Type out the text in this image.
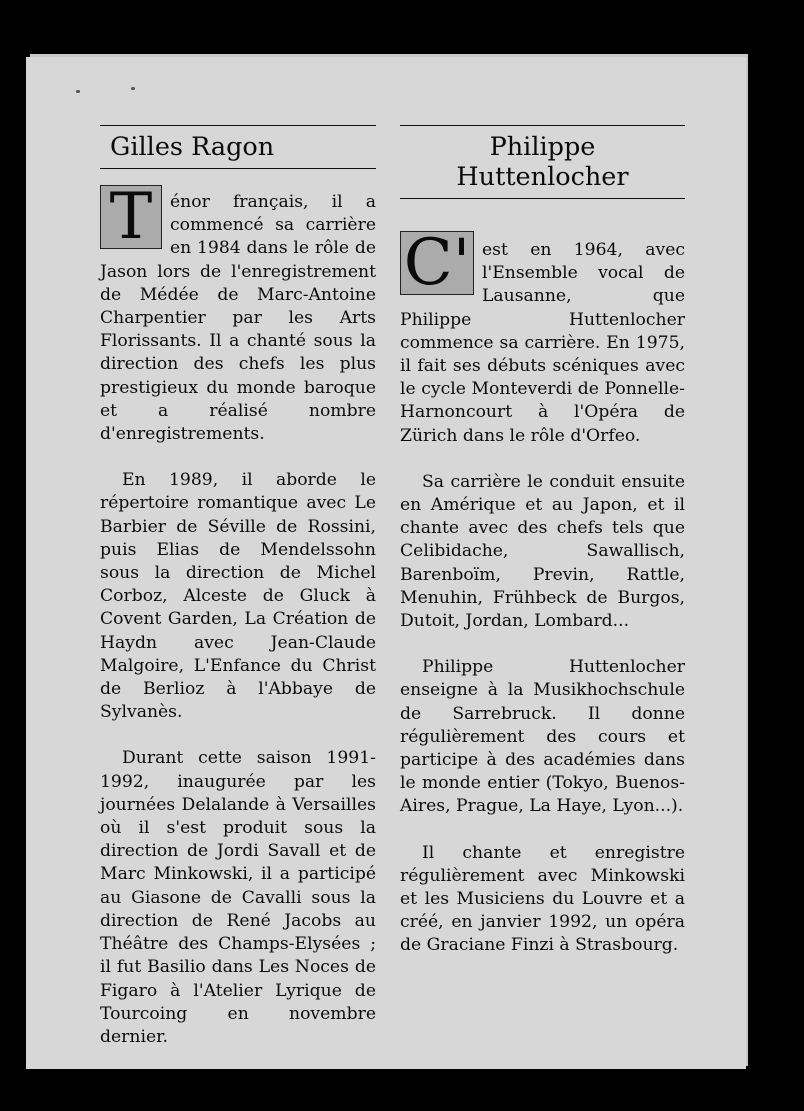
Gilles Ragon
T	énor français, il a commencé sa carrière en 1984 dans le rôle de Jason lors de l'enregistrement de Médée de Marc-Antoine Charpentier par les Arts Florissants. Il a chanté sous la direction des chefs les plus prestigieux du monde baroque et a réalisé nombre d'enregistrements.

En 1989, il aborde le répertoire romantique avec Le Barbier de Séville de Rossini, puis Elias de Mendelssohn sous la direction de Michel Corboz, Alceste de Gluck à Covent Garden, La Création de Haydn avec Jean-Claude Malgoire, L'Enfance du Christ de Berlioz à l'Abbaye de Sylvanès.

Durant cette saison 1991-1992, inaugurée par les journées Delalande à Versailles où il s'est produit sous la direction de Jordi Savall et de Marc Minkowski, il a participé au Giasone de Cavalli sous la direction de René Jacobs au Théâtre des Champs-Elysées ; il fut Basilio dans Les Noces de Figaro à l'Atelier Lyrique de Tourcoing en novembre dernier.

Philippe
Huttenlocher
C' est en 1964, avec l'Ensemble vocal de Lausanne, que Philippe Huttenlocher commence sa carrière. En 1975, il fait ses débuts scéniques avec le cycle Monteverdi de Ponnelle-Harnoncourt à l'Opéra de Zürich dans le rôle d'Orfeo.

Sa carrière le conduit ensuite en Amérique et au Japon, et il chante avec des chefs tels que Celibidache, Sawallisch, Barenboïm, Previn, Rattle, Menuhin, Frühbeck de Burgos, Dutoit, Jordan, Lombard...

Philippe Huttenlocher enseigne à la Musikhochschule de Sarrebruck. Il donne régulièrement des cours et participe à des académies dans le monde entier (Tokyo, Buenos-Aires, Prague, La Haye, Lyon...).

Il chante et enregistre régulièrement avec Minkowski et les Musiciens du Louvre et a créé, en janvier 1992, un opéra de Graciane Finzi à Strasbourg.
